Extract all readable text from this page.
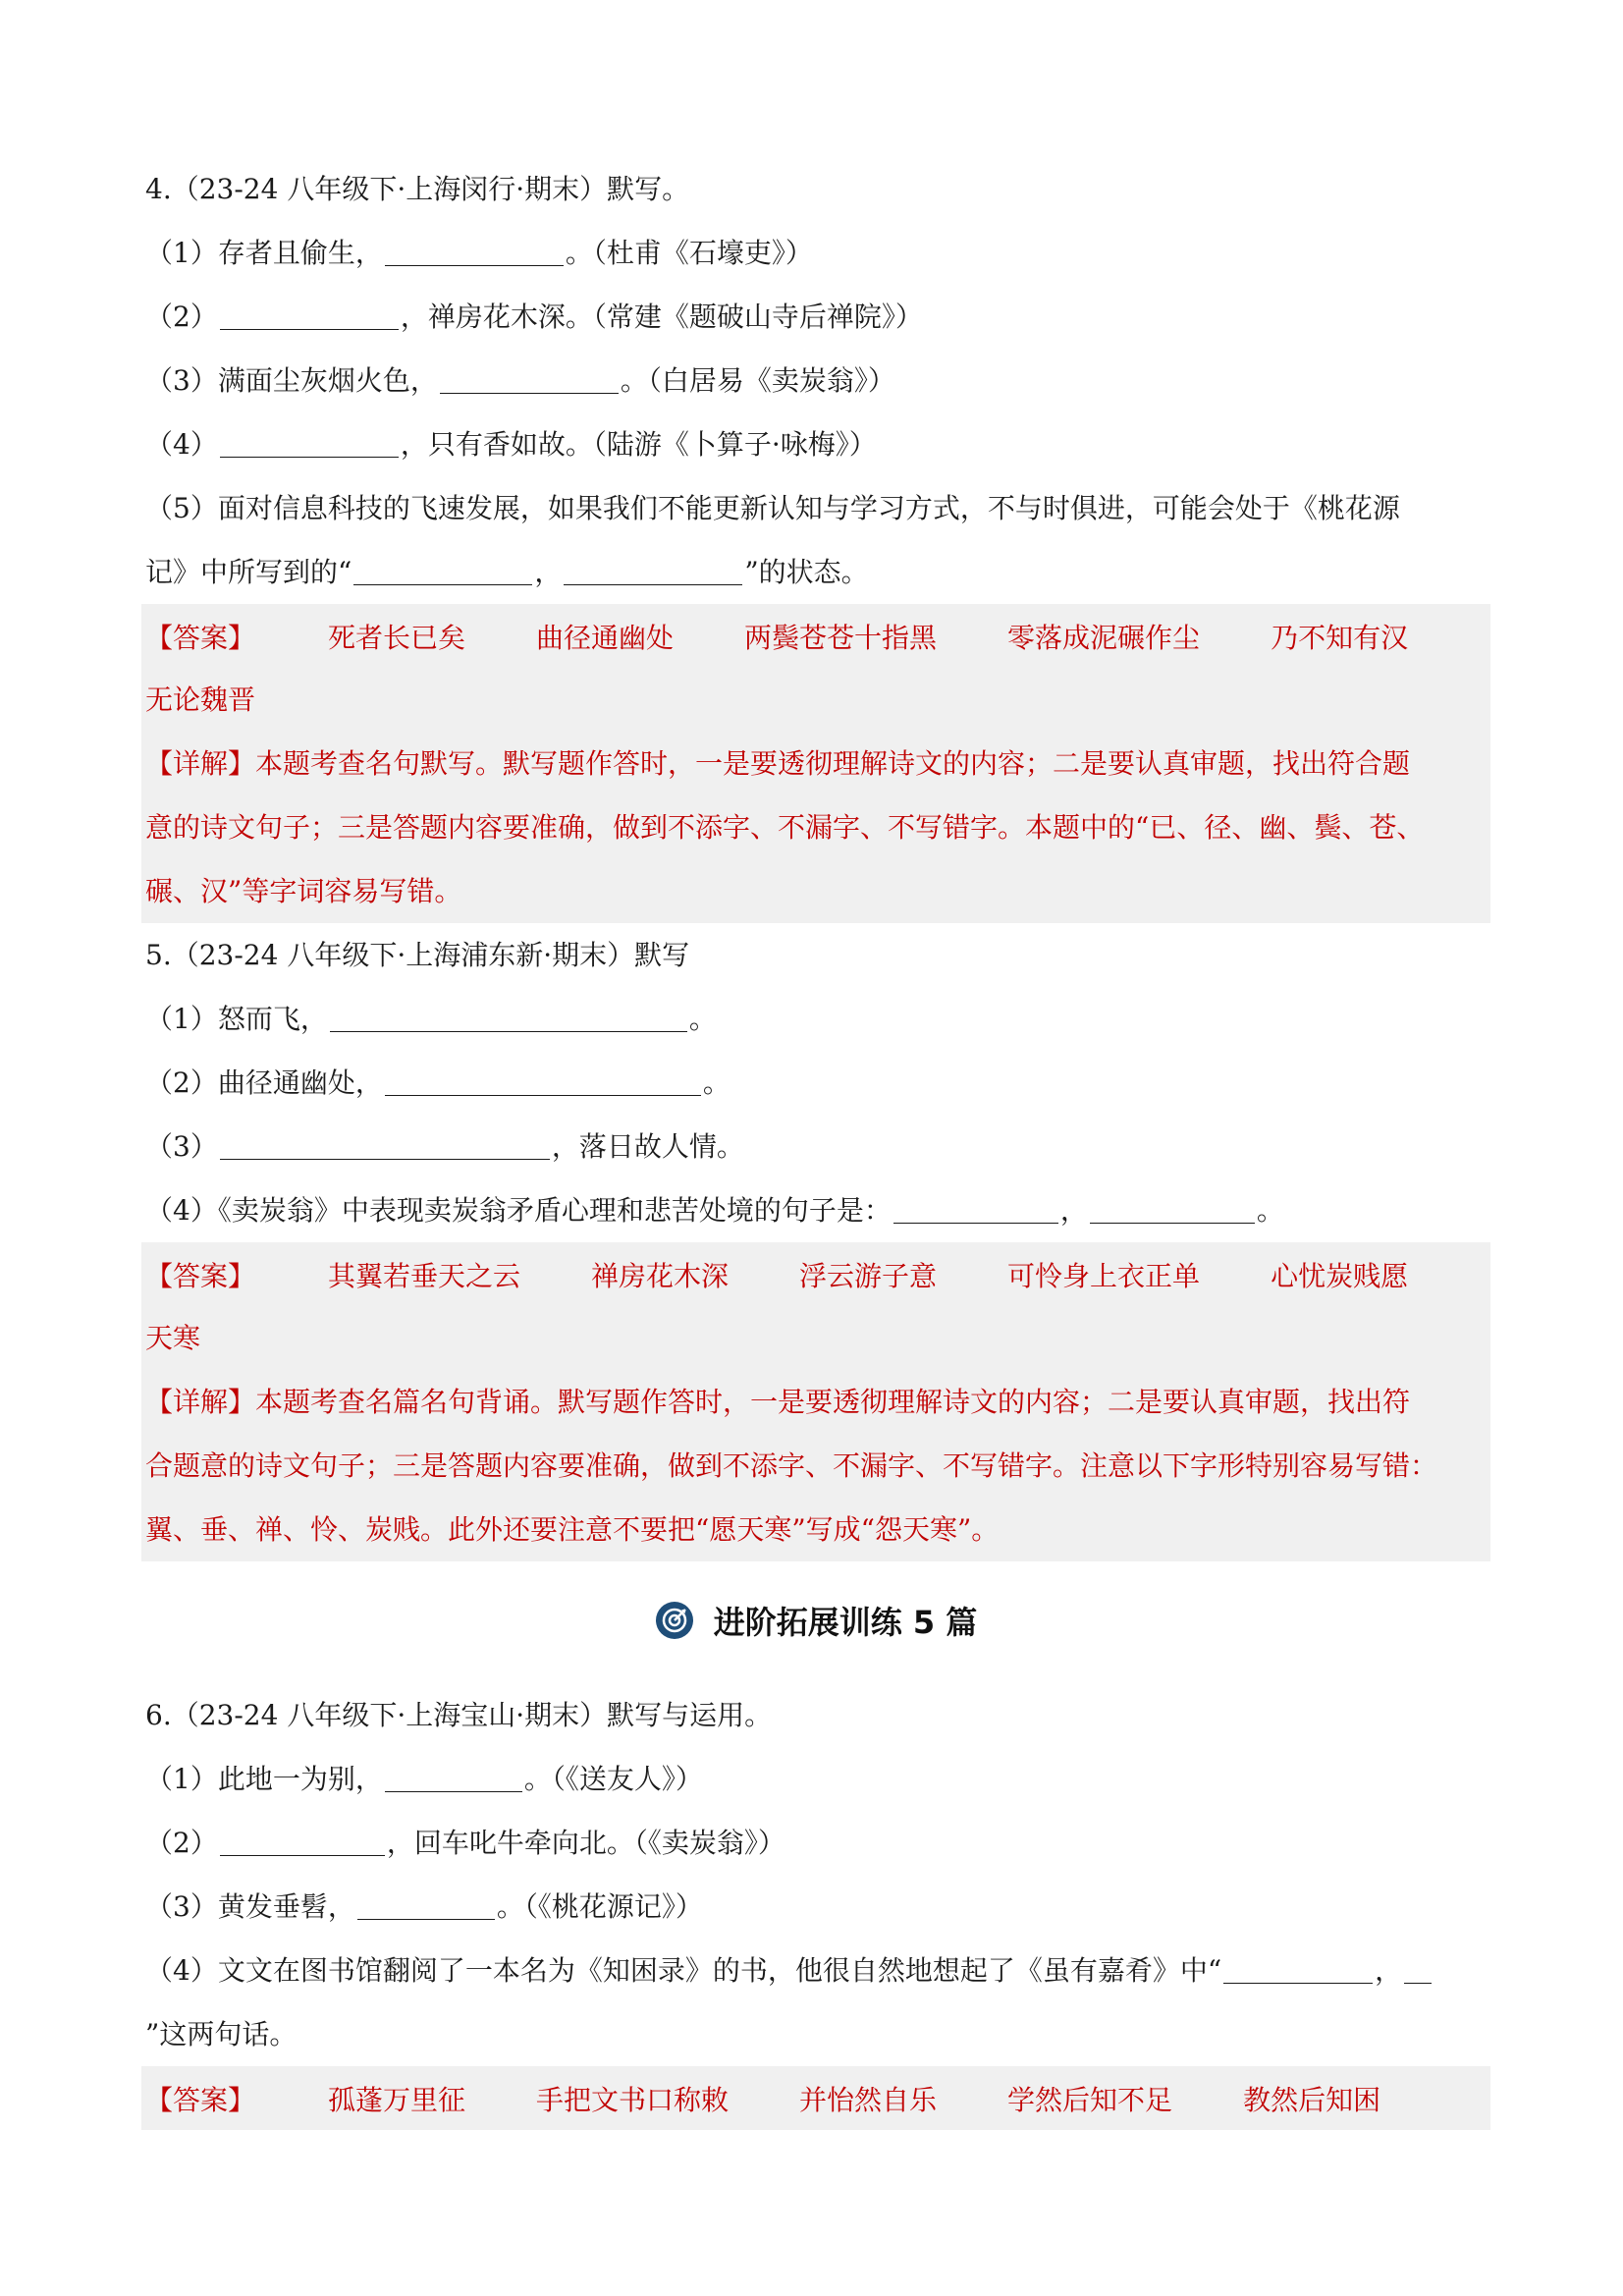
4.（23-24 八年级下·上海闵行·期末）默写。
（1）存者且偷生，	。（杜甫《石壕吏》）
（2）	，禅房花木深。（常建《题破山寺后禅院》）
（3）满面尘灰烟火色，	。（白居易《卖炭翁》）
（4）	，只有香如故。（陆游《卜算子·咏梅》）
（5）面对信息科技的飞速发展，如果我们不能更新认知与学习方式，不与时俱进，可能会处于《桃花源
记》中所写到的“	，	”的状态。
【答案】	死者长已矣	曲径通幽处	两鬓苍苍十指黑	零落成泥碾作尘	乃不知有汉
无论魏晋
【详解】本题考查名句默写。默写题作答时，一是要透彻理解诗文的内容；二是要认真审题，找出符合题
意的诗文句子；三是答题内容要准确，做到不添字、不漏字、不写错字。本题中的“已、径、幽、鬓、苍、
碾、汉”等字词容易写错。
5.（23-24 八年级下·上海浦东新·期末）默写
（1）怒而飞，	。
（2）曲径通幽处，	。
（3）	，落日故人情。
（4）《卖炭翁》中表现卖炭翁矛盾心理和悲苦处境的句子是：	，	。
【答案】	其翼若垂天之云	禅房花木深	浮云游子意	可怜身上衣正单	心忧炭贱愿
天寒
【详解】本题考查名篇名句背诵。默写题作答时，一是要透彻理解诗文的内容；二是要认真审题，找出符
合题意的诗文句子；三是答题内容要准确，做到不添字、不漏字、不写错字。注意以下字形特别容易写错：
翼、垂、禅、怜、炭贱。此外还要注意不要把“愿天寒”写成“怨天寒”。
进阶拓展训练 5 篇
6.（23-24 八年级下·上海宝山·期末）默写与运用。
（1）此地一为别，	。（《送友人》）
（2）	，回车叱牛牵向北。（《卖炭翁》）
（3）黄发垂髫，	。（《桃花源记》）
（4）文文在图书馆翻阅了一本名为《知困录》的书，他很自然地想起了《虽有嘉肴》中“	，
”这两句话。
【答案】	孤蓬万里征	手把文书口称敕	并怡然自乐	学然后知不足	教然后知困
